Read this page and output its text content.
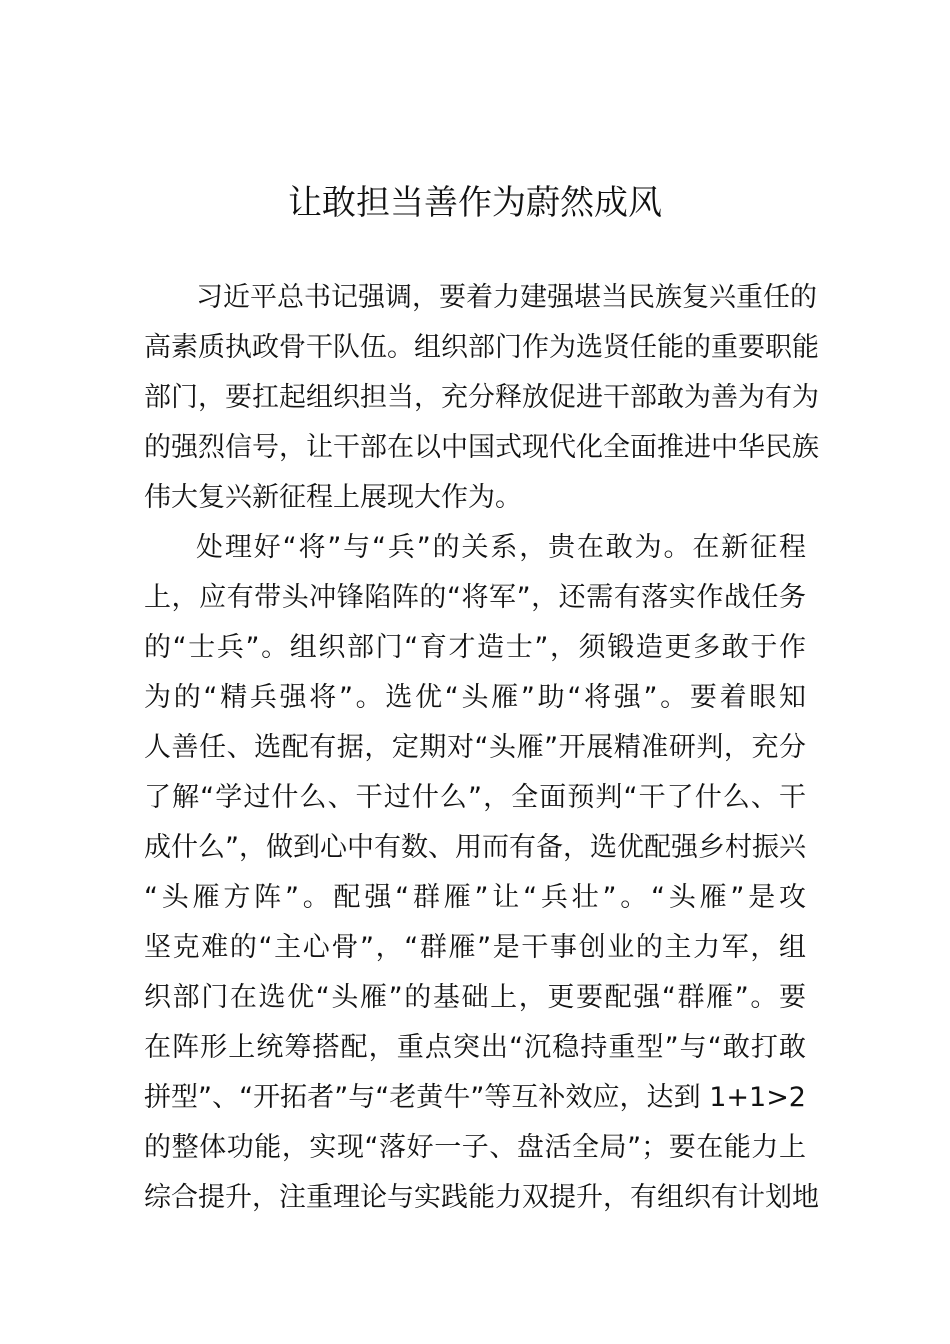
让敢担当善作为蔚然成风
习近平总书记强调，要着力建强堪当民族复兴重任的
高素质执政骨干队伍。组织部门作为选贤任能的重要职能
部门，要扛起组织担当，充分释放促进干部敢为善为有为
的强烈信号，让干部在以中国式现代化全面推进中华民族
伟大复兴新征程上展现大作为。
处理好“将”与“兵”的关系，贵在敢为。在新征程
上，应有带头冲锋陷阵的“将军”，还需有落实作战任务
的“士兵”。组织部门“育才造士”，须锻造更多敢于作
为的“精兵强将”。选优“头雁”助“将强”。要着眼知
人善任、选配有据，定期对“头雁”开展精准研判，充分
了解“学过什么、干过什么”，全面预判“干了什么、干
成什么”，做到心中有数、用而有备，选优配强乡村振兴
“头雁方阵”。配强“群雁”让“兵壮”。“头雁”是攻
坚克难的“主心骨”，“群雁”是干事创业的主力军，组
织部门在选优“头雁”的基础上，更要配强“群雁”。要
在阵形上统筹搭配，重点突出“沉稳持重型”与“敢打敢
拼型”、“开拓者”与“老黄牛”等互补效应，达到 1+1>2
的整体功能，实现“落好一子、盘活全局”；要在能力上
综合提升，注重理论与实践能力双提升，有组织有计划地
